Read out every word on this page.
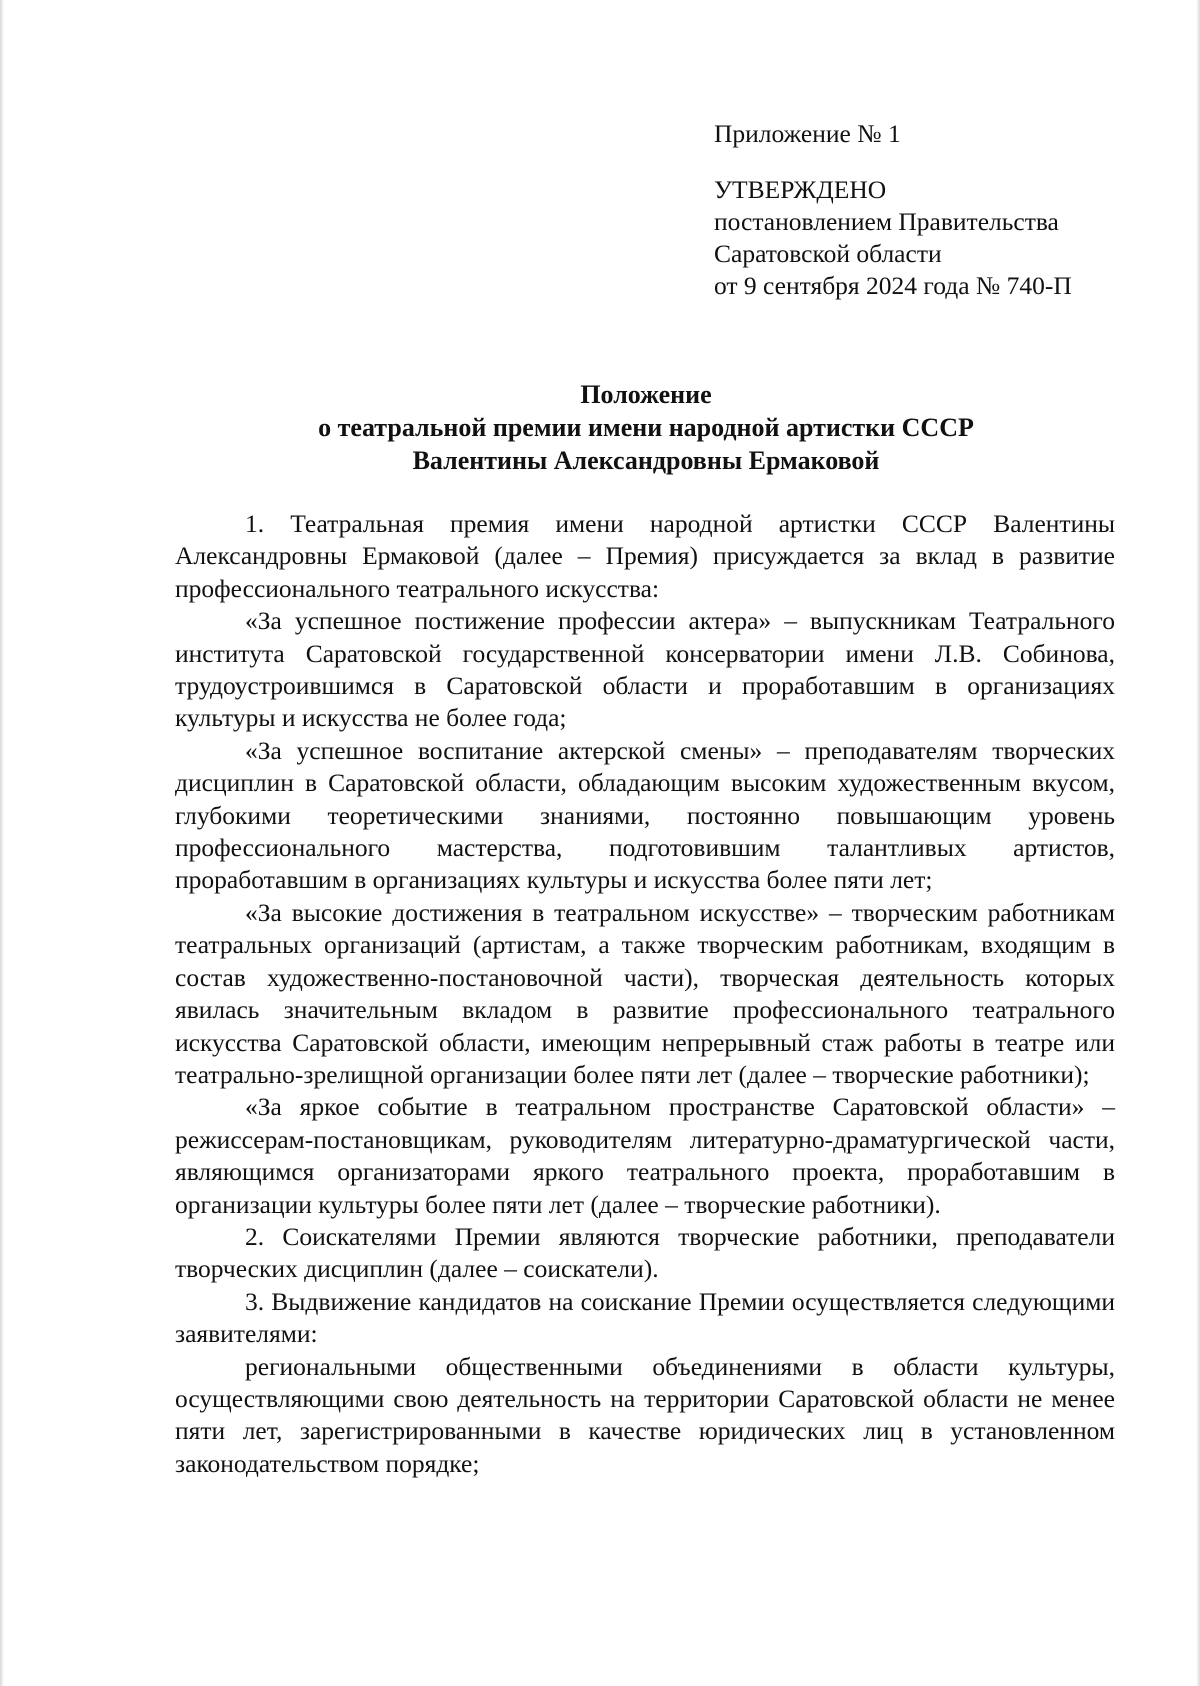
Приложение № 1
УТВЕРЖДЕНО
постановлением Правительства
Саратовской области
от 9 сентября 2024 года № 740-П
Положение
о театральной премии имени народной артистки СССР
Валентины Александровны Ермаковой

1. Театральная премия имени народной артистки СССР Валентины Александровны Ермаковой (далее – Премия) присуждается за вклад в развитие профессионального театрального искусства:

«За успешное постижение профессии актера» – выпускникам Театрального института Саратовской государственной консерватории имени Л.В. Собинова, трудоустроившимся в Саратовской области и проработавшим в организациях культуры и искусства не более года;

«За успешное воспитание актерской смены» – преподавателям творческих дисциплин в Саратовской области, обладающим высоким художественным вкусом, глубокими теоретическими знаниями, постоянно повышающим уровень профессионального мастерства, подготовившим талантливых артистов, проработавшим в организациях культуры и искусства более пяти лет;

«За высокие достижения в театральном искусстве» – творческим работникам театральных организаций (артистам, а также творческим работникам, входящим в состав художественно-постановочной части), творческая деятельность которых явилась значительным вкладом в развитие профессионального театрального искусства Саратовской области, имеющим непрерывный стаж работы в театре или театрально-зрелищной организации более пяти лет (далее – творческие работники);

«За яркое событие в театральном пространстве Саратовской области» – режиссерам-постановщикам, руководителям литературно-драматургической части, являющимся организаторами яркого театрального проекта, проработавшим в организации культуры более пяти лет (далее – творческие работники).

2. Соискателями Премии являются творческие работники, преподаватели творческих дисциплин (далее – соискатели).

3. Выдвижение кандидатов на соискание Премии осуществляется следующими заявителями:

региональными общественными объединениями в области культуры, осуществляющими свою деятельность на территории Саратовской области не менее пяти лет, зарегистрированными в качестве юридических лиц в установленном законодательством порядке;
